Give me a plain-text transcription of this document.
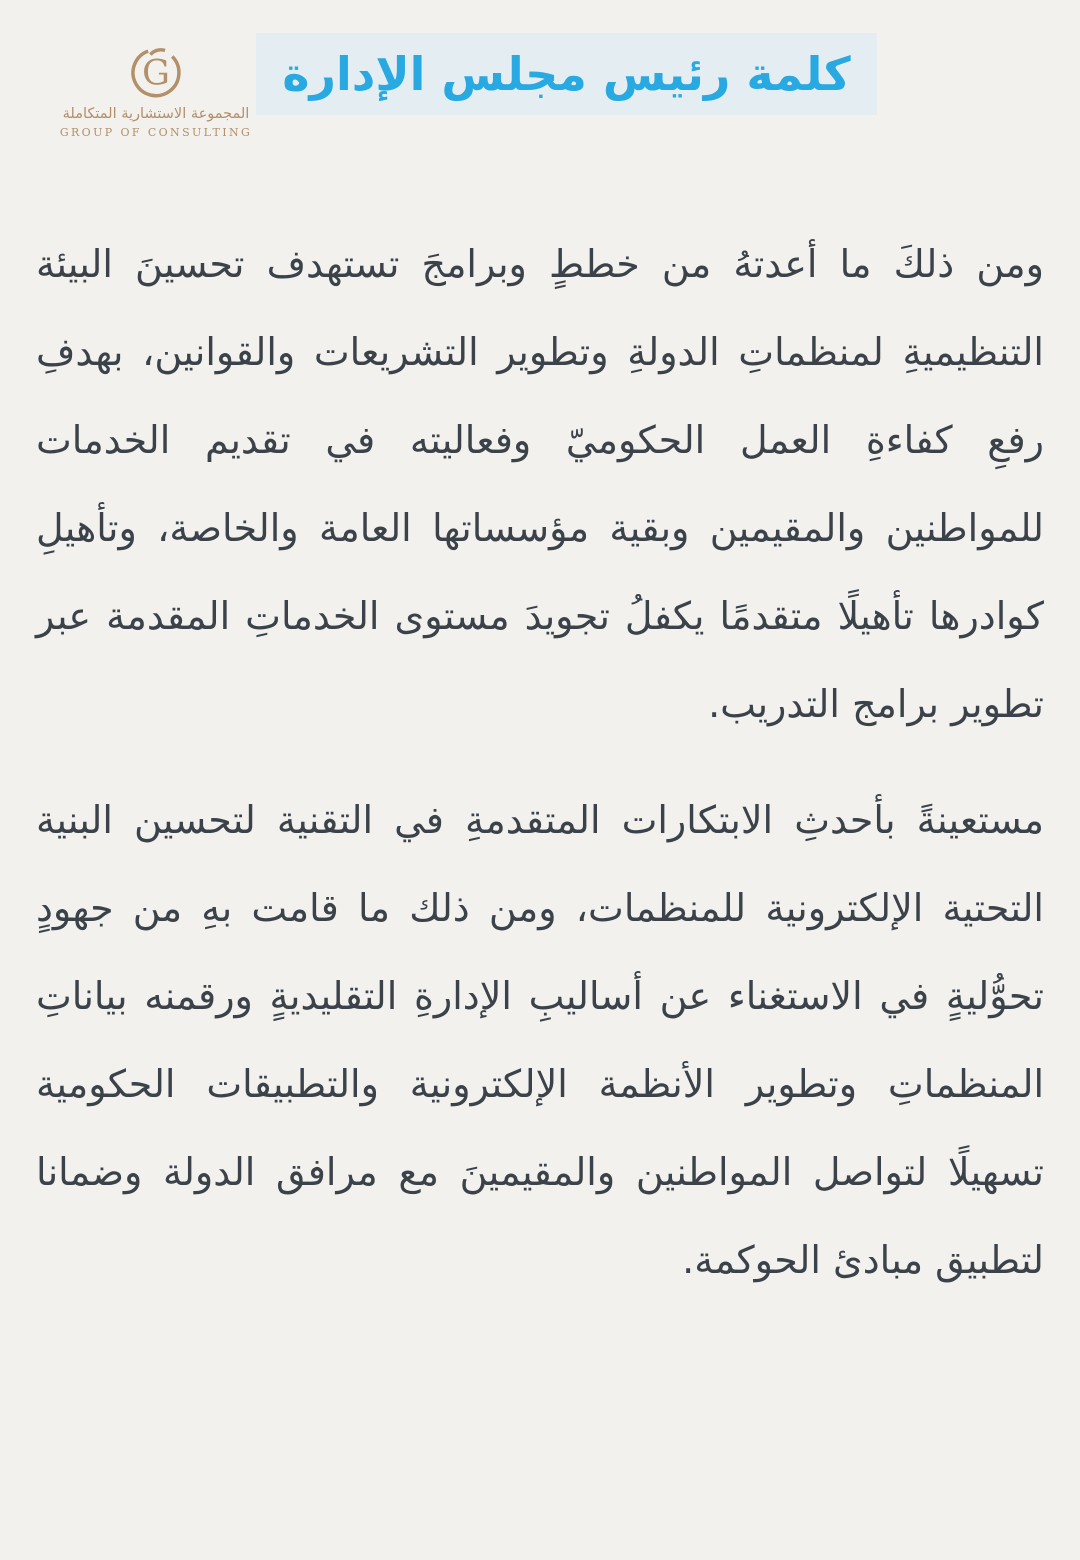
G
المجموعة الاستشارية المتكاملة
GROUP OF CONSULTING
كلمة رئيس مجلس الإدارة

ومن ذلكَ ما أعدتهُ من خططٍ وبرامجَ تستهدف تحسينَ البيئة التنظيميةِ لمنظماتِ الدولةِ وتطوير التشريعات والقوانين، بهدفِ رفعِ كفاءةِ العمل الحكوميّ وفعاليته في تقديم الخدمات للمواطنين والمقيمين وبقية مؤسساتها العامة والخاصة، وتأهيلِ كوادرها تأهيلًا متقدمًا يكفلُ تجويدَ مستوى الخدماتِ المقدمة عبر تطوير برامج التدريب.

مستعينةً بأحدثِ الابتكارات المتقدمةِ في التقنية لتحسين البنية التحتية الإلكترونية للمنظمات، ومن ذلك ما قامت بهِ من جهودٍ تحوُّليةٍ في الاستغناء عن أساليبِ الإدارةِ التقليديةٍ ورقمنه بياناتِ المنظماتِ وتطوير الأنظمة الإلكترونية والتطبيقات الحكومية تسهيلًا لتواصل المواطنين والمقيمينَ مع مرافق الدولة وضمانا لتطبيق مبادئ الحوكمة.
